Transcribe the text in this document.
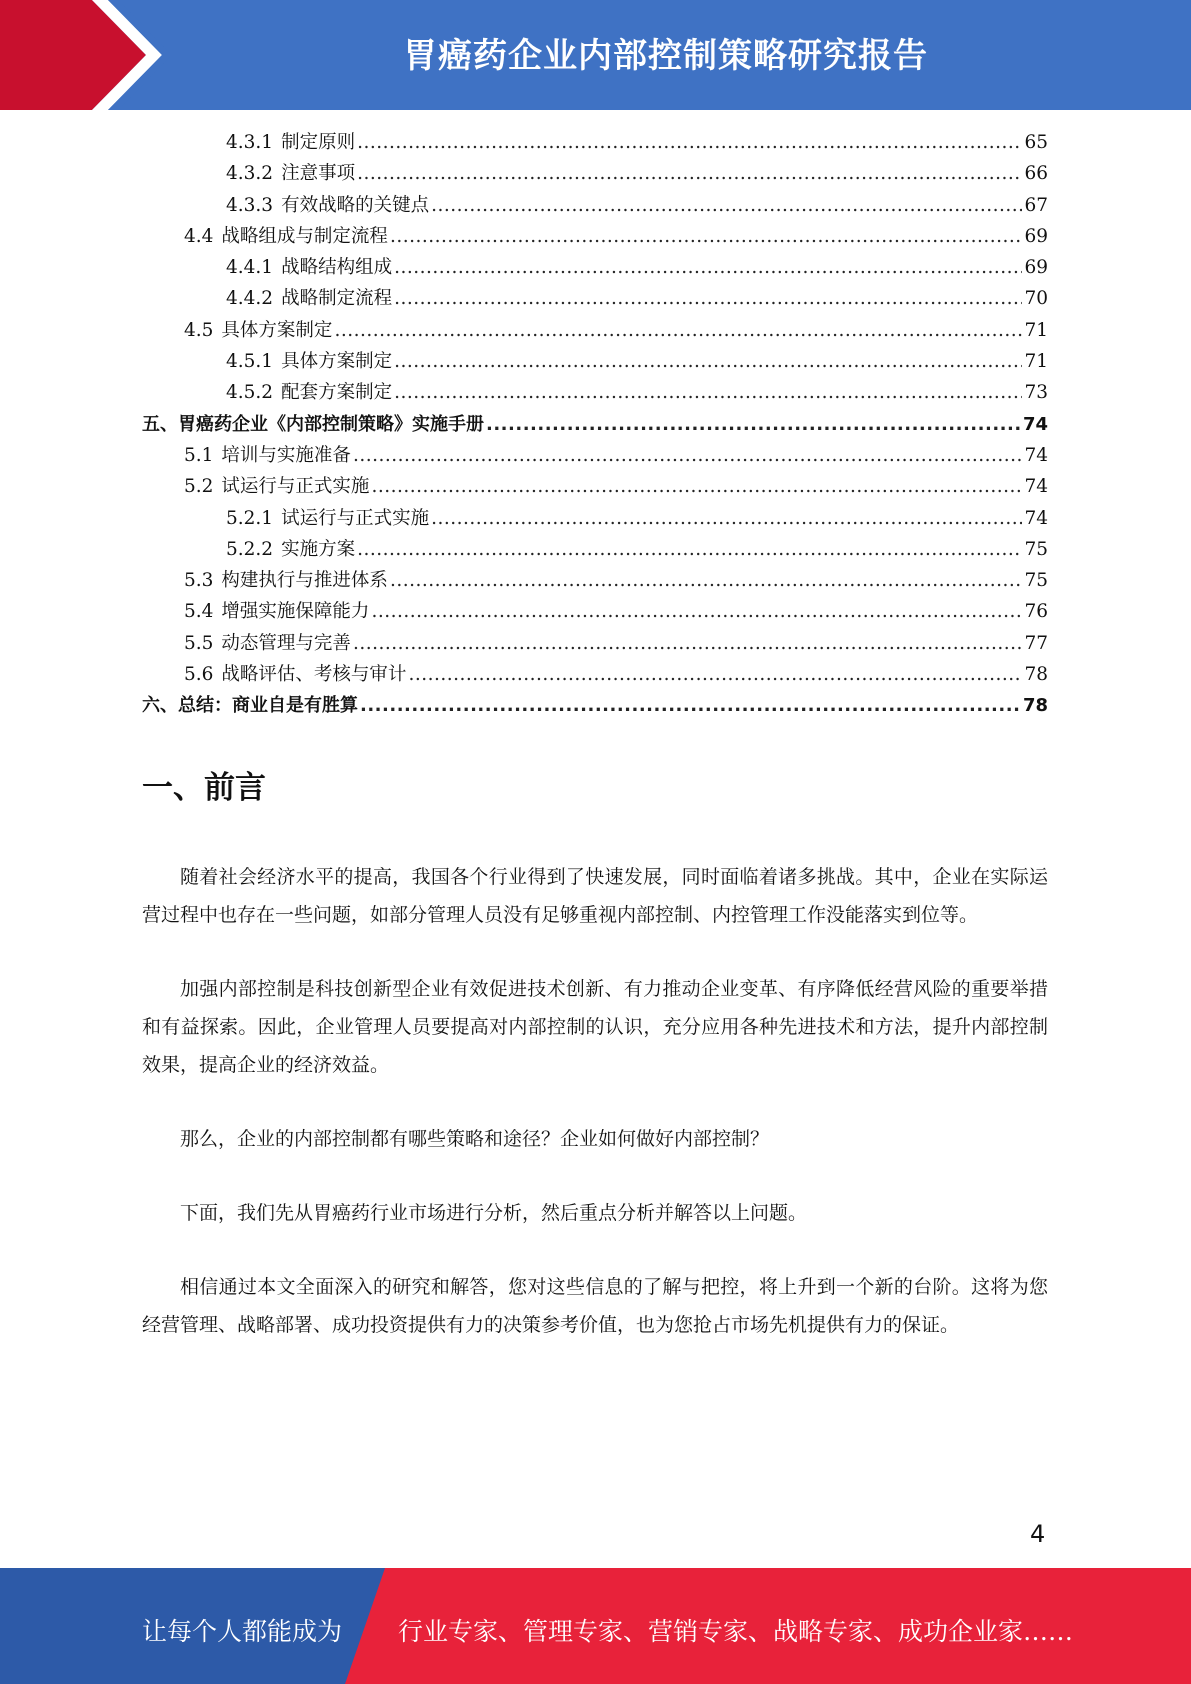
胃癌药企业内部控制策略研究报告
4.3.1 制定原则 .....	65
4.3.2 注意事项 .....	66
4.3.3 有效战略的关键点 .....	67
4.4 战略组成与制定流程 .....	69
4.4.1 战略结构组成 .....	69
4.4.2 战略制定流程 .....	70
4.5 具体方案制定 .....	71
4.5.1 具体方案制定 .....	71
4.5.2 配套方案制定 .....	73
五、胃癌药企业《内部控制策略》实施手册 .....	74
5.1 培训与实施准备 .....	74
5.2 试运行与正式实施 .....	74
5.2.1 试运行与正式实施 .....	74
5.2.2 实施方案 .....	75
5.3 构建执行与推进体系 .....	75
5.4 增强实施保障能力 .....	76
5.5 动态管理与完善 .....	77
5.6 战略评估、考核与审计 .....	78
六、总结：商业自是有胜算 .....	78
一、前言

随着社会经济水平的提高，我国各个行业得到了快速发展，同时面临着诸多挑战。其中，企业在实际运营过程中也存在一些问题，如部分管理人员没有足够重视内部控制、内控管理工作没能落实到位等。

加强内部控制是科技创新型企业有效促进技术创新、有力推动企业变革、有序降低经营风险的重要举措和有益探索。因此，企业管理人员要提高对内部控制的认识，充分应用各种先进技术和方法，提升内部控制效果，提高企业的经济效益。

那么，企业的内部控制都有哪些策略和途径？企业如何做好内部控制？

下面，我们先从胃癌药行业市场进行分析，然后重点分析并解答以上问题。

相信通过本文全面深入的研究和解答，您对这些信息的了解与把控，将上升到一个新的台阶。这将为您经营管理、战略部署、成功投资提供有力的决策参考价值，也为您抢占市场先机提供有力的保证。

4
让每个人都能成为 行业专家、管理专家、营销专家、战略专家、成功企业家……
